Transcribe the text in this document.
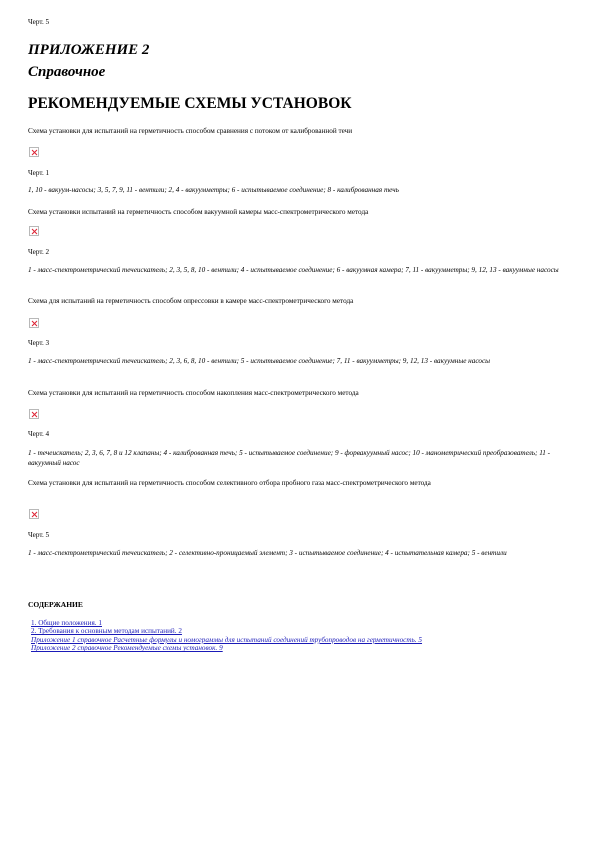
Черт. 5
ПРИЛОЖЕНИЕ 2
Справочное
РЕКОМЕНДУЕМЫЕ СХЕМЫ УСТАНОВОК
Схема установки для испытаний на герметичность способом сравнения с потоком от калиброванной течи
Черт. 1
1, 10 - вакуум-насосы; 3, 5, 7, 9, 11 - вентили; 2, 4 - вакуумметры; 6 - испытываемое соединение; 8 - калиброванная течь
Схема установки испытаний на герметичность способом вакуумной камеры масс-спектрометрического метода
Черт. 2
1 - масс-спектрометрический течеискатель; 2, 3, 5, 8, 10 - вентили; 4 - испытываемое соединение; 6 - вакуумная камера; 7, 11 - вакуумметры; 9, 12, 13 - вакуумные насосы
Схема для испытаний на герметичность способом опрессовки в камере масс-спектрометрического метода
Черт. 3
1 - масс-спектрометрический течеискатель; 2, 3, 6, 8, 10 - вентили; 5 - испытываемое соединение; 7, 11 - вакуумметры; 9, 12, 13 - вакуумные насосы
Схема установки для испытаний на герметичность способом накопления масс-спектрометрического метода
Черт. 4
1 - течеискатель; 2, 3, 6, 7, 8 и 12 клапаны; 4 - калиброванная течь; 5 - испытываемое соединение; 9 - форвакуумный насос; 10 - манометрический преобразователь; 11 - вакуумный насос
Схема установки для испытаний на герметичность способом селективного отбора пробного газа масс-спектрометрического метода
Черт. 5
1 - масс-спектрометрический течеискатель; 2 - селективно-проницаемый элемент; 3 - испытываемое соединение; 4 - испытательная камера; 5 - вентили
СОДЕРЖАНИЕ
1. Общие положения. 1
2. Требования к основным методам испытаний. 2
Приложение 1 справочное Расчетные формулы и номограммы для испытаний соединений трубопроводов на герметичность. 5
Приложение 2 справочное Рекомендуемые схемы установок. 9
